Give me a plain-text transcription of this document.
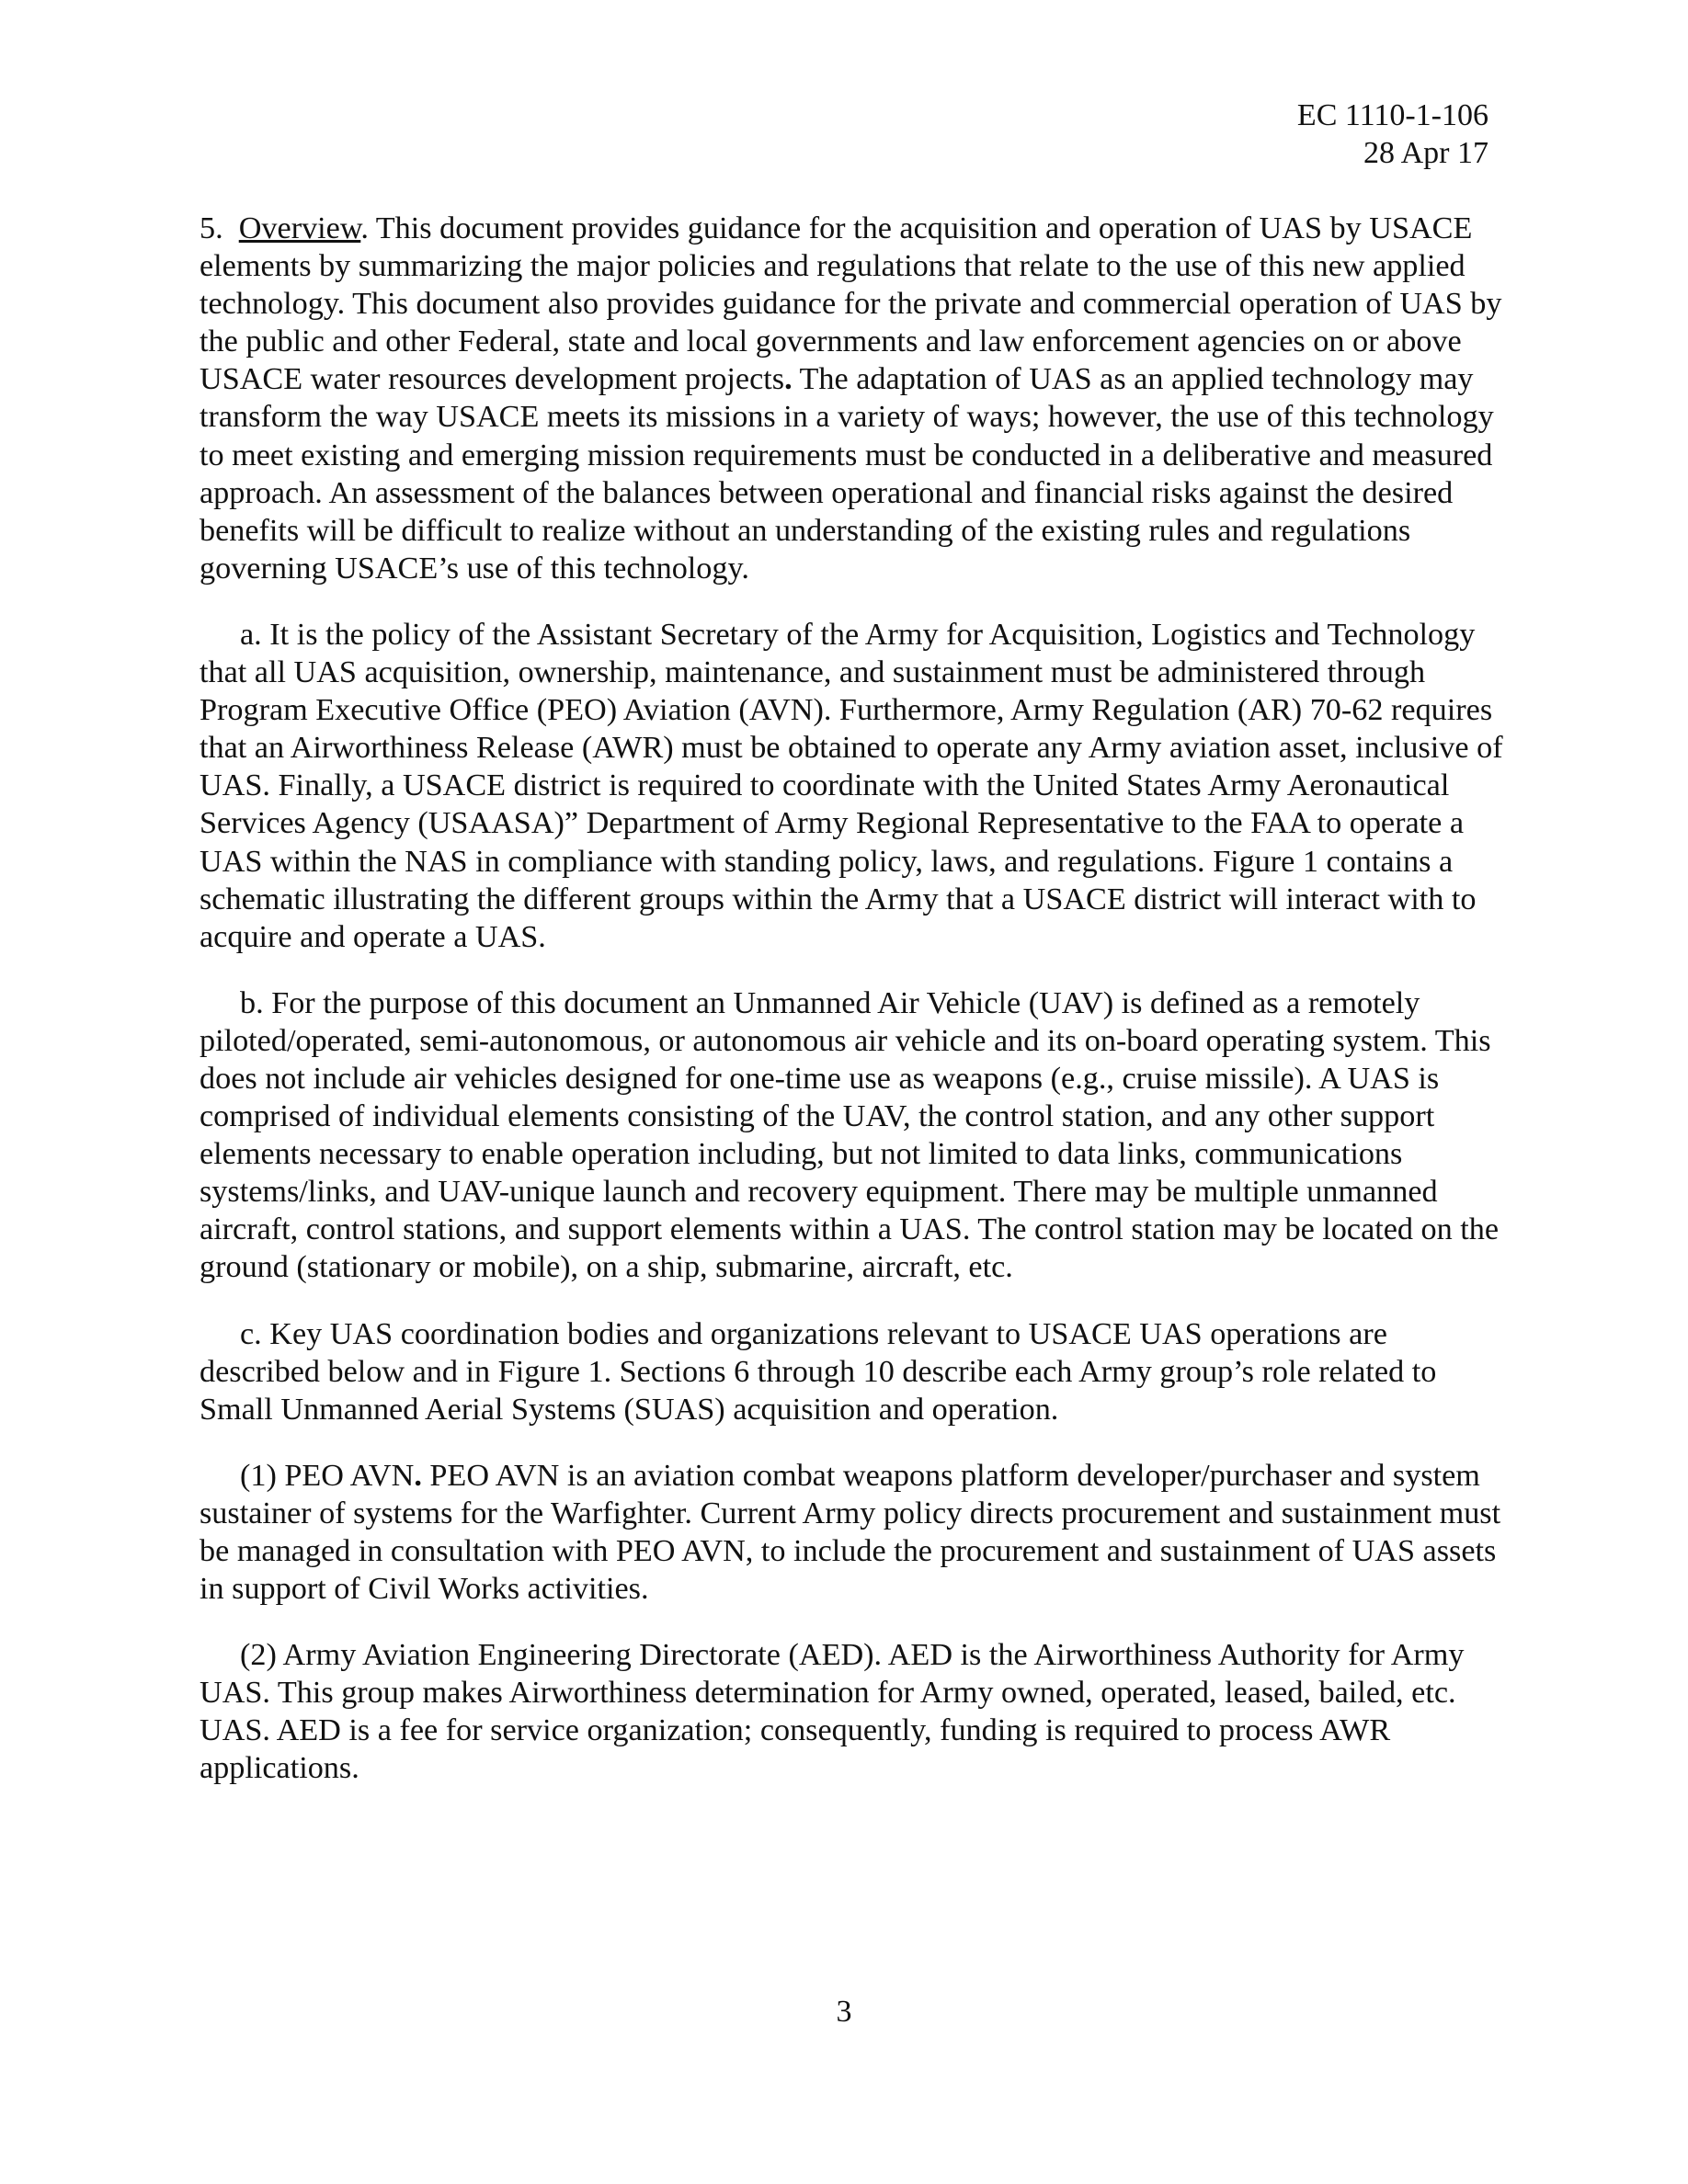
EC 1110-1-106
28 Apr 17

5. Overview. This document provides guidance for the acquisition and operation of UAS by USACE elements by summarizing the major policies and regulations that relate to the use of this new applied technology. This document also provides guidance for the private and commercial operation of UAS by the public and other Federal, state and local governments and law enforcement agencies on or above USACE water resources development projects. The adaptation of UAS as an applied technology may transform the way USACE meets its missions in a variety of ways; however, the use of this technology to meet existing and emerging mission requirements must be conducted in a deliberative and measured approach. An assessment of the balances between operational and financial risks against the desired benefits will be difficult to realize without an understanding of the existing rules and regulations governing USACE’s use of this technology.

a. It is the policy of the Assistant Secretary of the Army for Acquisition, Logistics and Technology that all UAS acquisition, ownership, maintenance, and sustainment must be administered through Program Executive Office (PEO) Aviation (AVN). Furthermore, Army Regulation (AR) 70-62 requires that an Airworthiness Release (AWR) must be obtained to operate any Army aviation asset, inclusive of UAS. Finally, a USACE district is required to coordinate with the United States Army Aeronautical Services Agency (USAASA)” Department of Army Regional Representative to the FAA to operate a UAS within the NAS in compliance with standing policy, laws, and regulations. Figure 1 contains a schematic illustrating the different groups within the Army that a USACE district will interact with to acquire and operate a UAS.

b. For the purpose of this document an Unmanned Air Vehicle (UAV) is defined as a remotely piloted/operated, semi-autonomous, or autonomous air vehicle and its on-board operating system. This does not include air vehicles designed for one-time use as weapons (e.g., cruise missile). A UAS is comprised of individual elements consisting of the UAV, the control station, and any other support elements necessary to enable operation including, but not limited to data links, communications systems/links, and UAV-unique launch and recovery equipment. There may be multiple unmanned aircraft, control stations, and support elements within a UAS. The control station may be located on the ground (stationary or mobile), on a ship, submarine, aircraft, etc.

c. Key UAS coordination bodies and organizations relevant to USACE UAS operations are described below and in Figure 1. Sections 6 through 10 describe each Army group’s role related to Small Unmanned Aerial Systems (SUAS) acquisition and operation.

(1) PEO AVN. PEO AVN is an aviation combat weapons platform developer/purchaser and system sustainer of systems for the Warfighter. Current Army policy directs procurement and sustainment must be managed in consultation with PEO AVN, to include the procurement and sustainment of UAS assets in support of Civil Works activities.

(2) Army Aviation Engineering Directorate (AED). AED is the Airworthiness Authority for Army UAS. This group makes Airworthiness determination for Army owned, operated, leased, bailed, etc. UAS. AED is a fee for service organization; consequently, funding is required to process AWR applications.

3
